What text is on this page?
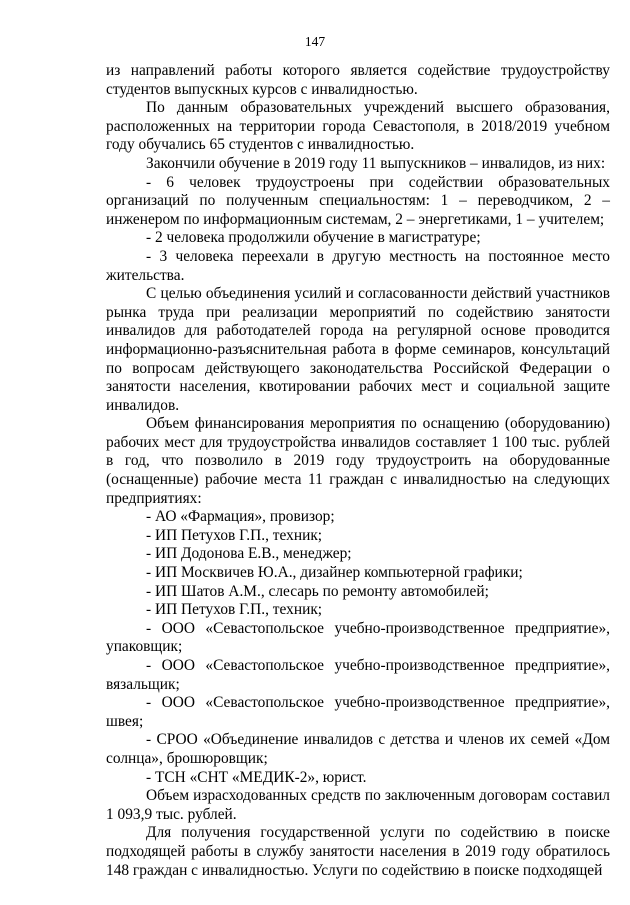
147

из направлений работы которого является содействие трудоустройству студентов выпускных курсов с инвалидностью.

По данным образовательных учреждений высшего образования, расположенных на территории города Севастополя, в 2018/2019 учебном году обучались 65 студентов с инвалидностью.

Закончили обучение в 2019 году 11 выпускников – инвалидов, из них:

- 6 человек трудоустроены при содействии образовательных организаций по полученным специальностям: 1 – переводчиком, 2 – инженером по информационным системам, 2 – энергетиками, 1 – учителем;

- 2 человека продолжили обучение в магистратуре;

- 3 человека переехали в другую местность на постоянное место жительства.

С целью объединения усилий и согласованности действий участников рынка труда при реализации мероприятий по содействию занятости инвалидов для работодателей города на регулярной основе проводится информационно-разъяснительная работа в форме семинаров, консультаций по вопросам действующего законодательства Российской Федерации о занятости населения, квотировании рабочих мест и социальной защите инвалидов.

Объем финансирования мероприятия по оснащению (оборудованию) рабочих мест для трудоустройства инвалидов составляет 1 100 тыс. рублей в год, что позволило в 2019 году трудоустроить на оборудованные (оснащенные) рабочие места 11 граждан с инвалидностью на следующих предприятиях:

- АО «Фармация», провизор;

- ИП Петухов Г.П., техник;

- ИП Додонова Е.В., менеджер;

- ИП Москвичев Ю.А., дизайнер компьютерной графики;

- ИП Шатов А.М., слесарь по ремонту автомобилей;

- ИП Петухов Г.П., техник;

- ООО «Севастопольское учебно-производственное предприятие», упаковщик;

- ООО «Севастопольское учебно-производственное предприятие», вязальщик;

- ООО «Севастопольское учебно-производственное предприятие», швея;

- СРОО «Объединение инвалидов с детства и членов их семей «Дом солнца», брошюровщик;

- ТСН «СНТ «МЕДИК-2», юрист.

Объем израсходованных средств по заключенным договорам составил 1 093,9 тыс. рублей.

Для получения государственной услуги по содействию в поиске подходящей работы в службу занятости населения в 2019 году обратилось 148 граждан с инвалидностью. Услуги по содействию в поиске подходящей
